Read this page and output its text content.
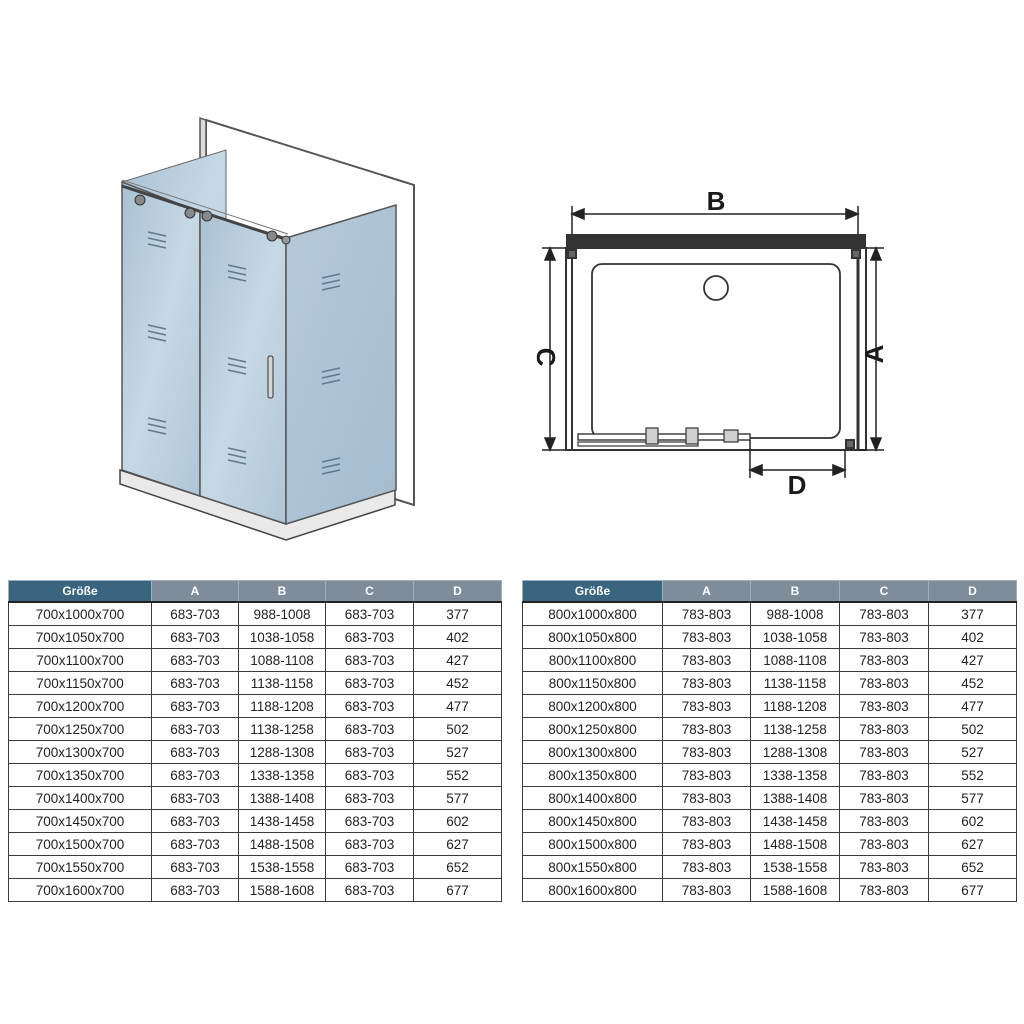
B
C	A
D
Größe	A	B	C	D
700x1000x700	683-703	988-1008	683-703	377
700x1050x700	683-703	1038-1058	683-703	402
700x1100x700	683-703	1088-1108	683-703	427
700x1150x700	683-703	1138-1158	683-703	452
700x1200x700	683-703	1188-1208	683-703	477
700x1250x700	683-703	1138-1258	683-703	502
700x1300x700	683-703	1288-1308	683-703	527
700x1350x700	683-703	1338-1358	683-703	552
700x1400x700	683-703	1388-1408	683-703	577
700x1450x700	683-703	1438-1458	683-703	602
700x1500x700	683-703	1488-1508	683-703	627
700x1550x700	683-703	1538-1558	683-703	652
700x1600x700	683-703	1588-1608	683-703	677
Größe	A	B	C	D
800x1000x800	783-803	988-1008	783-803	377
800x1050x800	783-803	1038-1058	783-803	402
800x1100x800	783-803	1088-1108	783-803	427
800x1150x800	783-803	1138-1158	783-803	452
800x1200x800	783-803	1188-1208	783-803	477
800x1250x800	783-803	1138-1258	783-803	502
800x1300x800	783-803	1288-1308	783-803	527
800x1350x800	783-803	1338-1358	783-803	552
800x1400x800	783-803	1388-1408	783-803	577
800x1450x800	783-803	1438-1458	783-803	602
800x1500x800	783-803	1488-1508	783-803	627
800x1550x800	783-803	1538-1558	783-803	652
800x1600x800	783-803	1588-1608	783-803	677
